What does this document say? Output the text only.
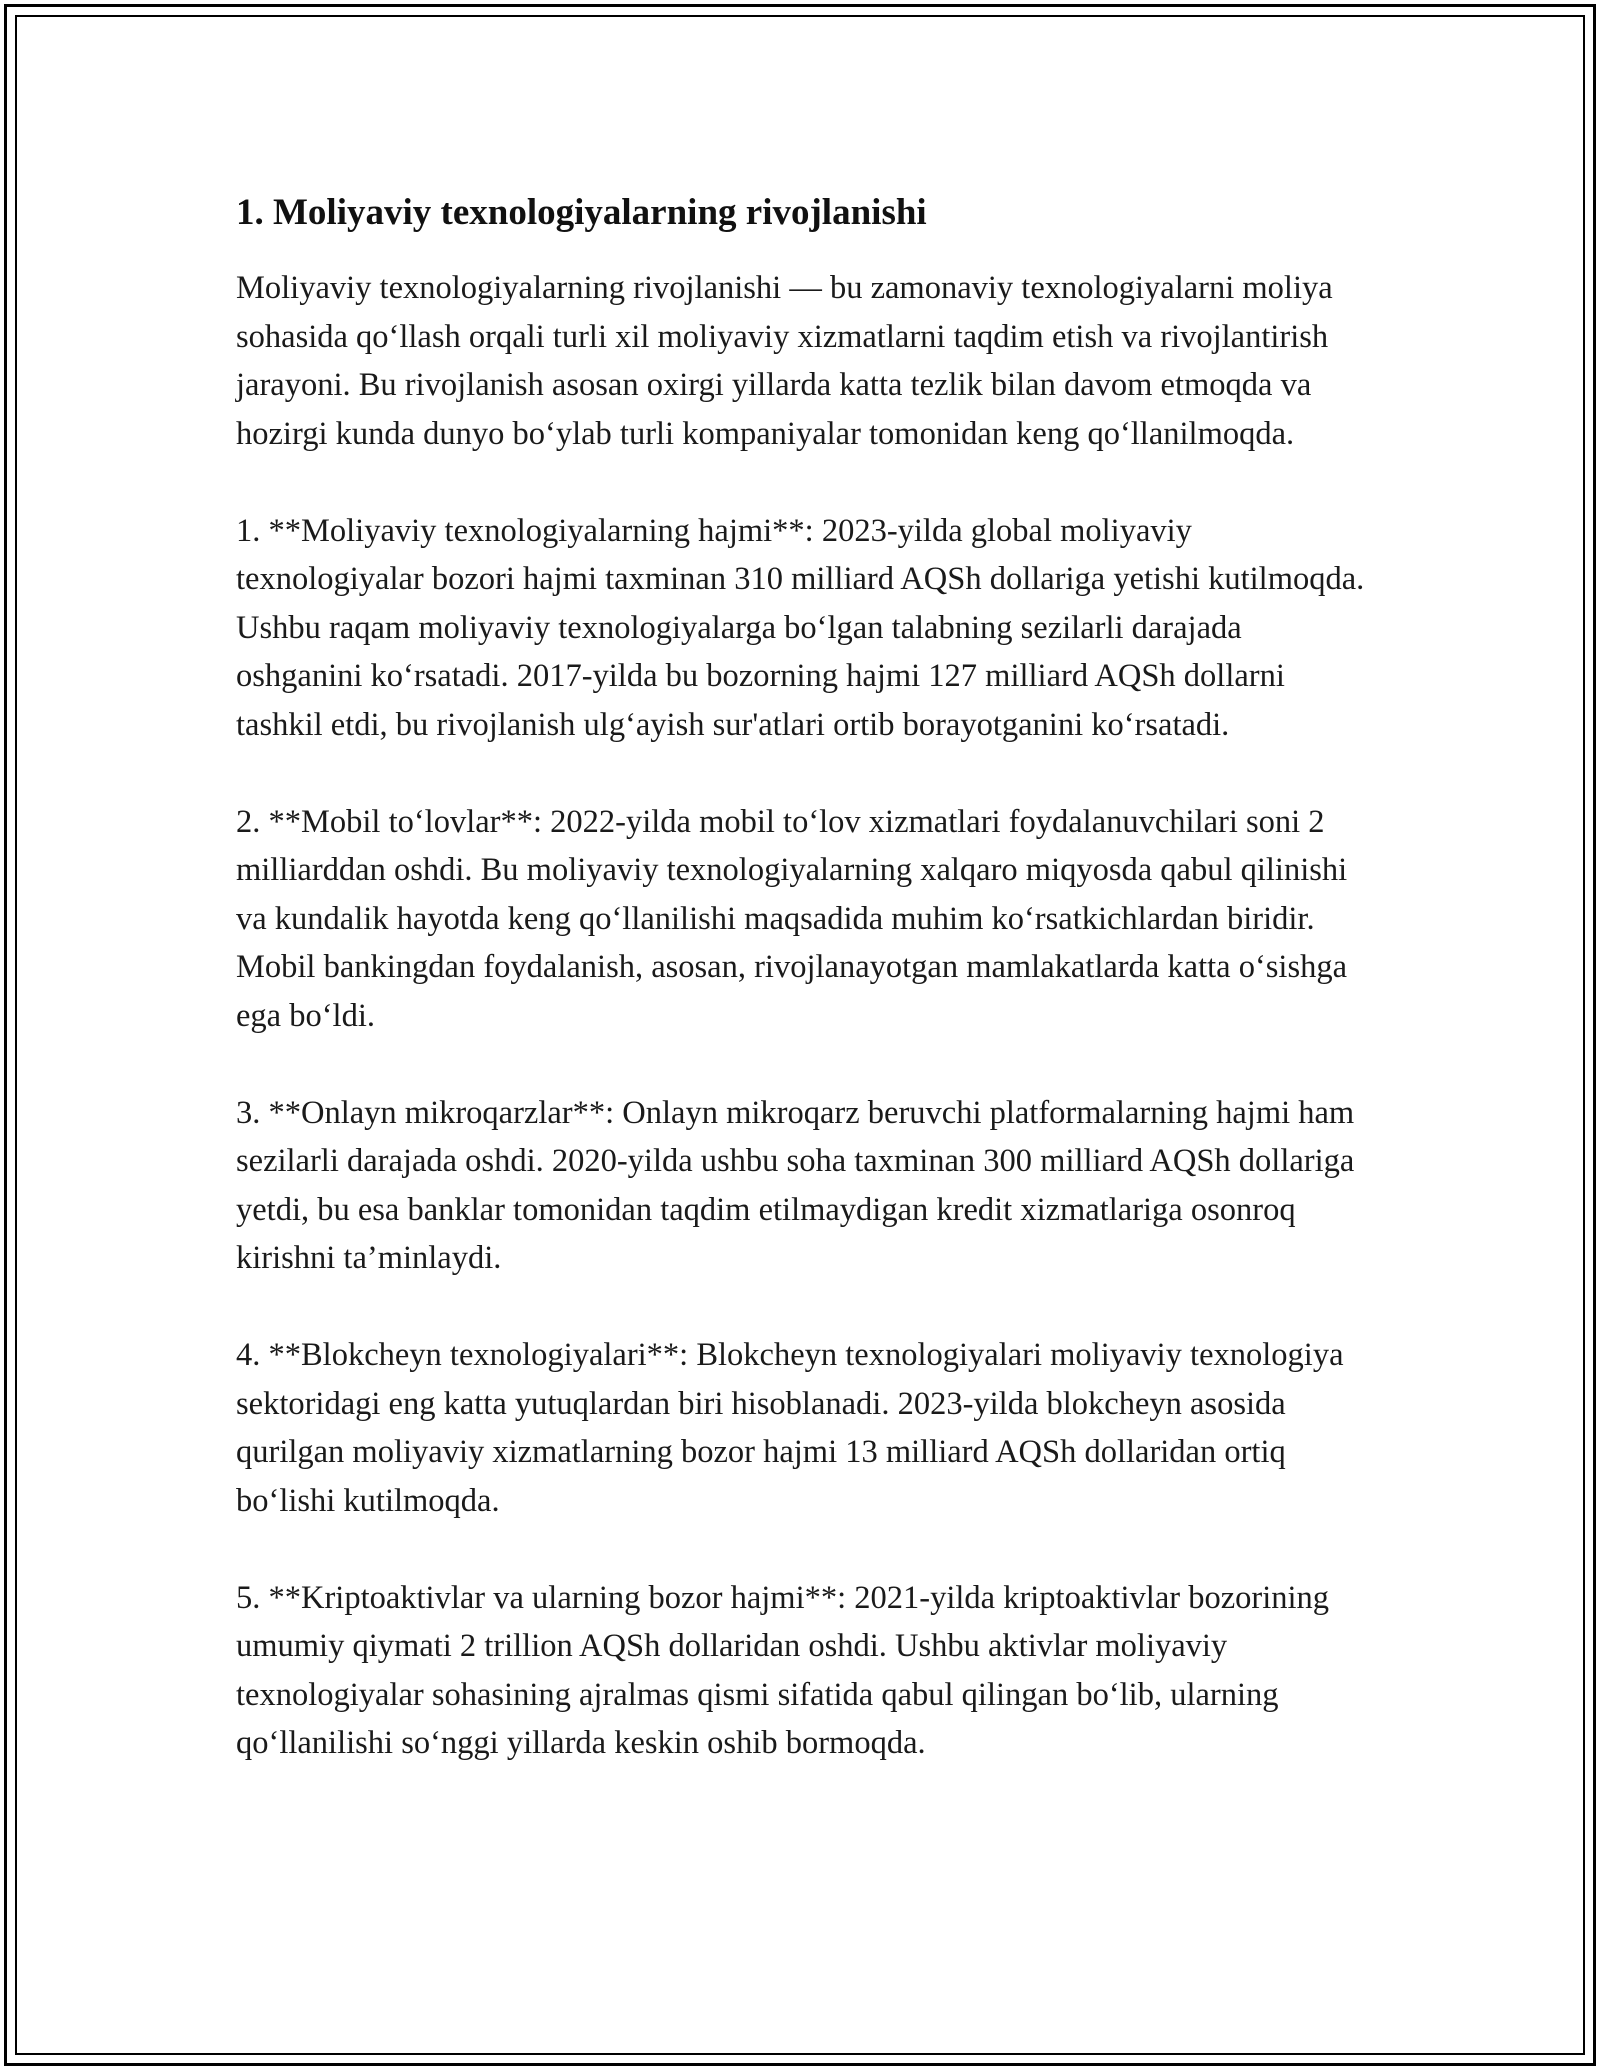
1. Moliyaviy texnologiyalarning rivojlanishi

Moliyaviy texnologiyalarning rivojlanishi — bu zamonaviy texnologiyalarni moliya sohasida qo‘llash orqali turli xil moliyaviy xizmatlarni taqdim etish va rivojlantirish jarayoni. Bu rivojlanish asosan oxirgi yillarda katta tezlik bilan davom etmoqda va hozirgi kunda dunyo bo‘ylab turli kompaniyalar tomonidan keng qo‘llanilmoqda.

1. **Moliyaviy texnologiyalarning hajmi**: 2023-yilda global moliyaviy texnologiyalar bozori hajmi taxminan 310 milliard AQSh dollariga yetishi kutilmoqda. Ushbu raqam moliyaviy texnologiyalarga bo‘lgan talabning sezilarli darajada oshganini ko‘rsatadi. 2017-yilda bu bozorning hajmi 127 milliard AQSh dollarni tashkil etdi, bu rivojlanish ulg‘ayish sur'atlari ortib borayotganini ko‘rsatadi.

2. **Mobil to‘lovlar**: 2022-yilda mobil to‘lov xizmatlari foydalanuvchilari soni 2 milliarddan oshdi. Bu moliyaviy texnologiyalarning xalqaro miqyosda qabul qilinishi va kundalik hayotda keng qo‘llanilishi maqsadida muhim ko‘rsatkichlardan biridir. Mobil bankingdan foydalanish, asosan, rivojlanayotgan mamlakatlarda katta o‘sishga ega bo‘ldi.

3. **Onlayn mikroqarzlar**: Onlayn mikroqarz beruvchi platformalarning hajmi ham sezilarli darajada oshdi. 2020-yilda ushbu soha taxminan 300 milliard AQSh dollariga yetdi, bu esa banklar tomonidan taqdim etilmaydigan kredit xizmatlariga osonroq kirishni ta’minlaydi.

4. **Blokcheyn texnologiyalari**: Blokcheyn texnologiyalari moliyaviy texnologiya sektoridagi eng katta yutuqlardan biri hisoblanadi. 2023-yilda blokcheyn asosida qurilgan moliyaviy xizmatlarning bozor hajmi 13 milliard AQSh dollaridan ortiq bo‘lishi kutilmoqda.

5. **Kriptoaktivlar va ularning bozor hajmi**: 2021-yilda kriptoaktivlar bozorining umumiy qiymati 2 trillion AQSh dollaridan oshdi. Ushbu aktivlar moliyaviy texnologiyalar sohasining ajralmas qismi sifatida qabul qilingan bo‘lib, ularning qo‘llanilishi so‘nggi yillarda keskin oshib bormoqda.
